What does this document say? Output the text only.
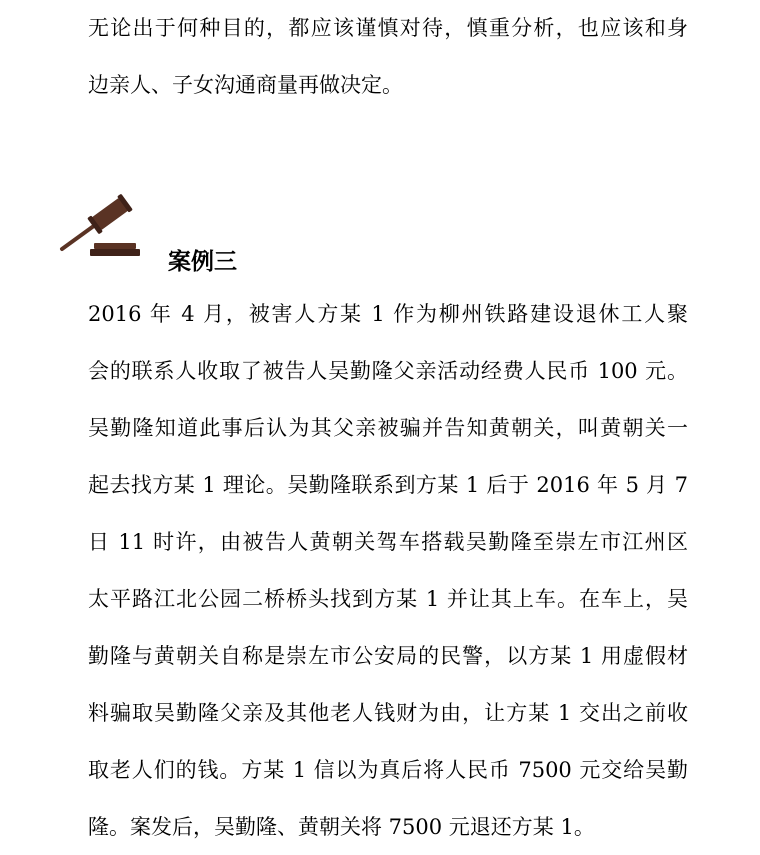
无论出于何种目的，都应该谨慎对待，慎重分析，也应该和身
边亲人、子女沟通商量再做决定。
案例三
2016 年 4 月，被害人方某 1 作为柳州铁路建设退休工人聚
会的联系人收取了被告人吴勤隆父亲活动经费人民币 100 元。
吴勤隆知道此事后认为其父亲被骗并告知黄朝关，叫黄朝关一
起去找方某 1 理论。吴勤隆联系到方某 1 后于 2016 年 5 月 7
日 11 时许，由被告人黄朝关驾车搭载吴勤隆至崇左市江州区
太平路江北公园二桥桥头找到方某 1 并让其上车。在车上，吴
勤隆与黄朝关自称是崇左市公安局的民警，以方某 1 用虚假材
料骗取吴勤隆父亲及其他老人钱财为由，让方某 1 交出之前收
取老人们的钱。方某 1 信以为真后将人民币 7500 元交给吴勤
隆。案发后，吴勤隆、黄朝关将 7500 元退还方某 1。
